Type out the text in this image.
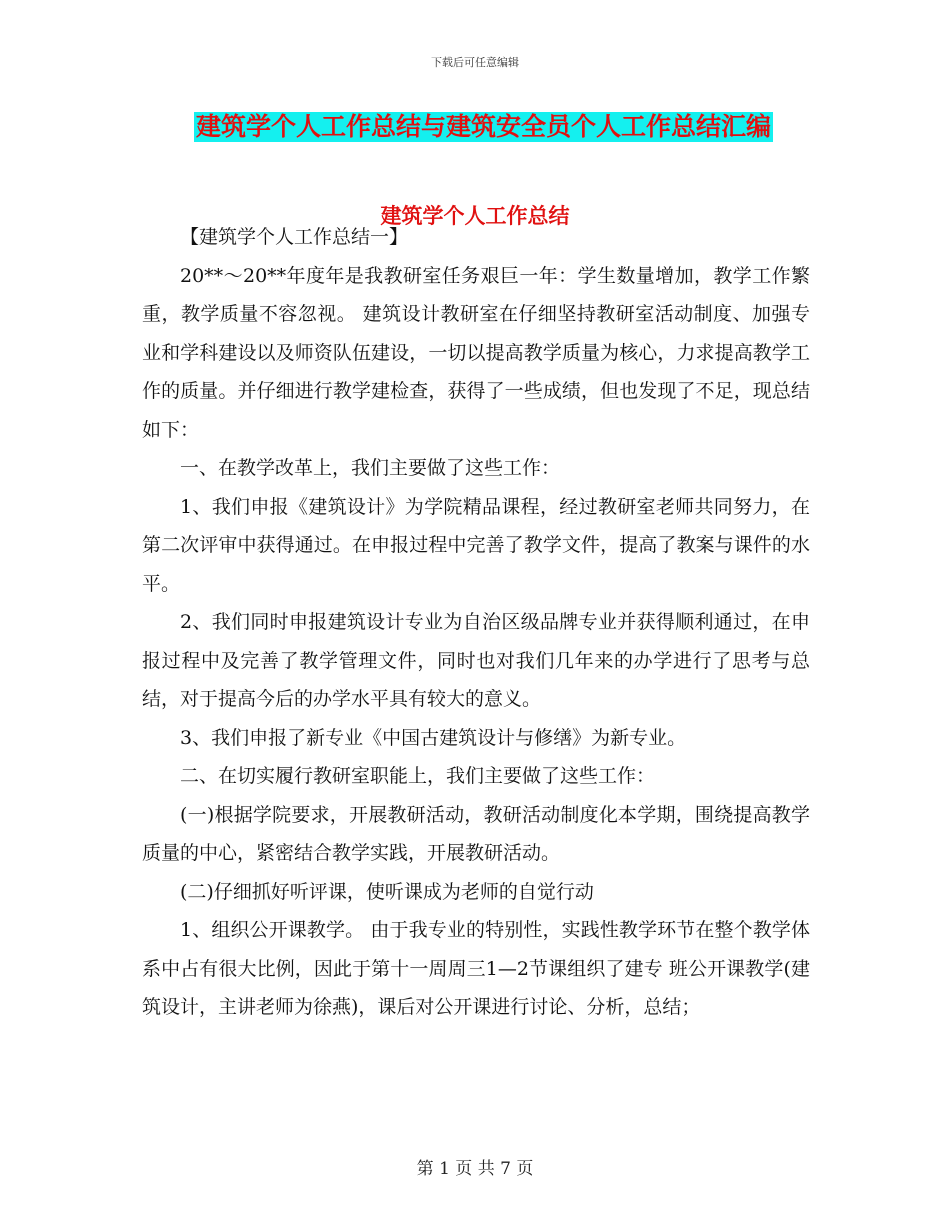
下载后可任意编辑
建筑学个人工作总结与建筑安全员个人工作总结汇编
建筑学个人工作总结

【建筑学个人工作总结一】

20**～20**年度年是我教研室任务艰巨一年：学生数量增加，教学工作繁重，教学质量不容忽视。 建筑设计教研室在仔细坚持教研室活动制度、加强专业和学科建设以及师资队伍建设，一切以提高教学质量为核心，力求提高教学工作的质量。并仔细进行教学建检查，获得了一些成绩，但也发现了不足，现总结如下：

一、在教学改革上，我们主要做了这些工作：

1、我们申报《建筑设计》为学院精品课程，经过教研室老师共同努力，在第二次评审中获得通过。在申报过程中完善了教学文件，提高了教案与课件的水平。

2、我们同时申报建筑设计专业为自治区级品牌专业并获得顺利通过，在申报过程中及完善了教学管理文件，同时也对我们几年来的办学进行了思考与总结，对于提高今后的办学水平具有较大的意义。

3、我们申报了新专业《中国古建筑设计与修缮》为新专业。

二、在切实履行教研室职能上，我们主要做了这些工作：

(一)根据学院要求，开展教研活动，教研活动制度化本学期，围绕提高教学质量的中心，紧密结合教学实践，开展教研活动。

(二)仔细抓好听评课，使听课成为老师的自觉行动

1、组织公开课教学。 由于我专业的特别性，实践性教学环节在整个教学体系中占有很大比例，因此于第十一周周三1—2节课组织了建专 班公开课教学(建筑设计，主讲老师为徐燕)，课后对公开课进行讨论、分析，总结；

第 1 页 共 7 页
